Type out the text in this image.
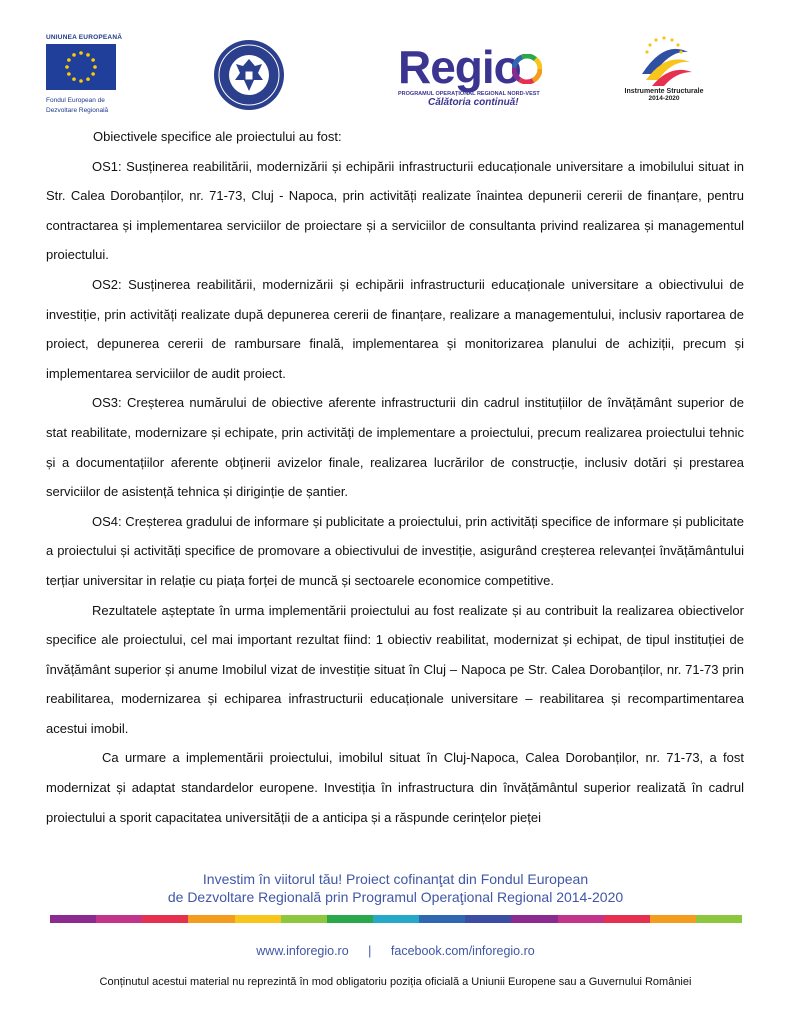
UNIUNEA EUROPEANĂ
Fondul European de
Dezvoltare Regională
Regio
PROGRAMUL OPERAȚIONAL REGIONAL NORD-VEST
Călătoria continuă!
Instrumente Structurale
2014-2020

Obiectivele specifice ale proiectului au fost:

OS1: Susținerea reabilitării, modernizării și echipării infrastructurii educaționale universitare a imobilului situat in Str. Calea Dorobanților, nr. 71-73, Cluj - Napoca, prin activități realizate înaintea depunerii cererii de finanțare, pentru contractarea și implementarea serviciilor de proiectare și a serviciilor de consultanta privind realizarea și managementul proiectului.

OS2: Susținerea reabilitării, modernizării și echipării infrastructurii educaționale universitare a obiectivului de investiție, prin activități realizate după depunerea cererii de finanțare, realizare a managementului, inclusiv raportarea de proiect, depunerea cererii de rambursare finală, implementarea și monitorizarea planului de achiziții, precum și implementarea serviciilor de audit proiect.

OS3: Creșterea numărului de obiective aferente infrastructurii din cadrul instituțiilor de învățământ superior de stat reabilitate, modernizare și echipate, prin activități de implementare a proiectului, precum realizarea proiectului tehnic și a documentațiilor aferente obținerii avizelor finale, realizarea lucrărilor de construcție, inclusiv dotări și prestarea serviciilor de asistență tehnica și diriginție de șantier.

OS4: Creșterea gradului de informare și publicitate a proiectului, prin activități specifice de informare și publicitate a proiectului și activități specifice de promovare a obiectivului de investiție, asigurând creșterea relevanței învățământului terțiar universitar in relație cu piața forței de muncă și sectoarele economice competitive.

Rezultatele așteptate în urma implementării proiectului au fost realizate și au contribuit la realizarea obiectivelor specifice ale proiectului, cel mai important rezultat fiind: 1 obiectiv reabilitat, modernizat și echipat, de tipul instituției de învățământ superior și anume Imobilul vizat de investiție situat în Cluj – Napoca pe Str. Calea Dorobanților, nr. 71-73 prin reabilitarea, modernizarea și echiparea infrastructurii educaționale universitare – reabilitarea și recompartimentarea acestui imobil.

Ca urmare a implementării proiectului, imobilul situat în Cluj-Napoca, Calea Dorobanților, nr. 71-73, a fost modernizat și adaptat standardelor europene. Investiția în infrastructura din învățământul superior realizată în cadrul proiectului a sporit capacitatea universității de a anticipa și a răspunde cerințelor pieței

Investim în viitorul tău! Proiect cofinanţat din Fondul European
de Dezvoltare Regională prin Programul Operaţional Regional 2014-2020
www.inforegio.ro | facebook.com/inforegio.ro
Conținutul acestui material nu reprezintă în mod obligatoriu poziția oficială a Uniunii Europene sau a Guvernului României
